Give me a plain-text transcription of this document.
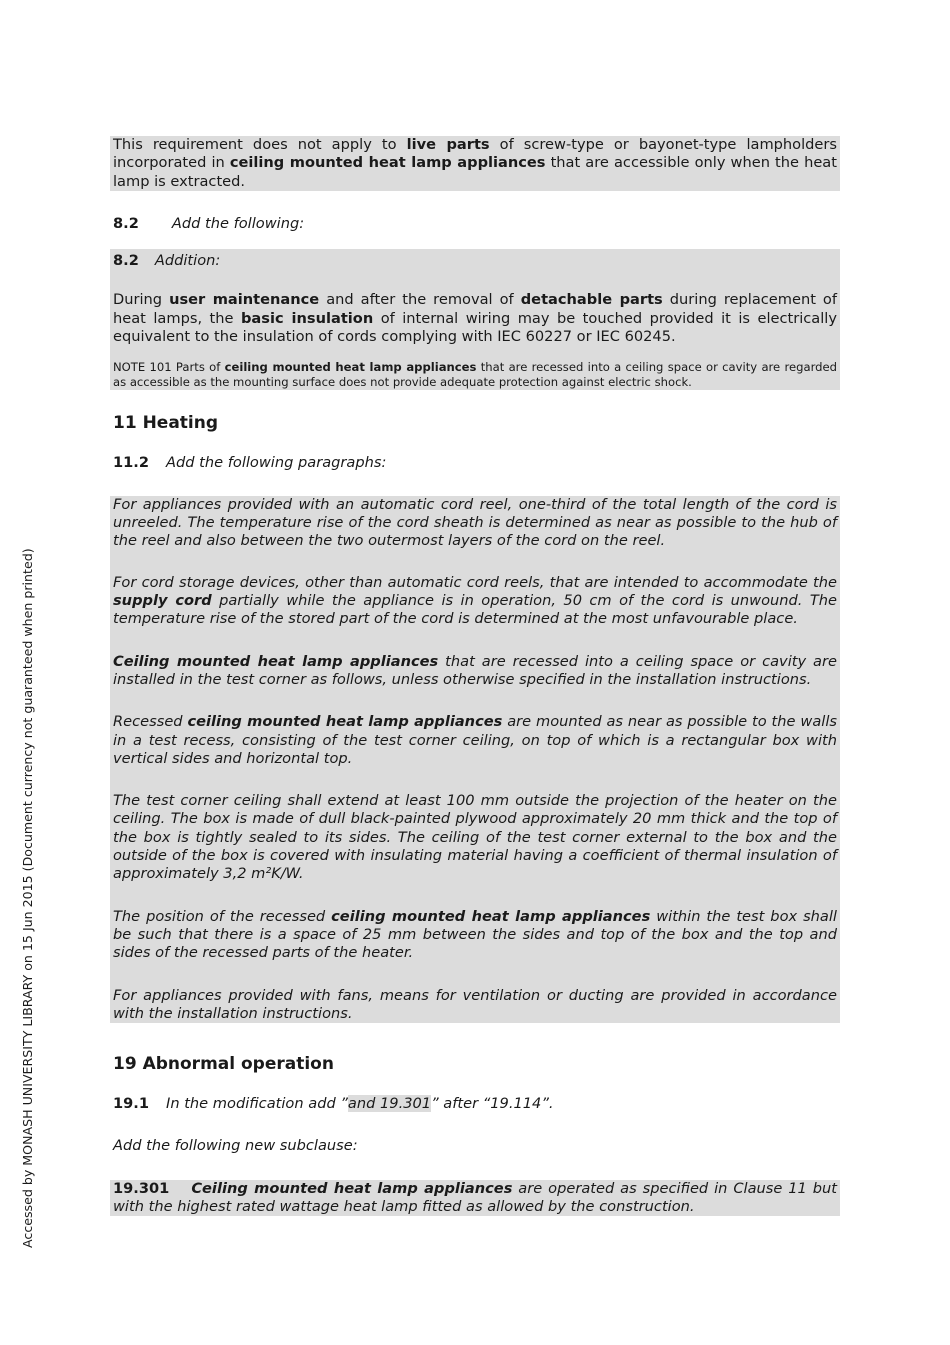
Accessed by MONASH UNIVERSITY LIBRARY on 15 Jun 2015 (Document currency not guaranteed when printed)
This requirement does not apply to live parts of screw-type or bayonet-type lampholders incorporated in ceiling mounted heat lamp appliances that are accessible only when the heat lamp is extracted.
8.2 Add the following:
8.2 Addition:
During user maintenance and after the removal of detachable parts during replacement of heat lamps, the basic insulation of internal wiring may be touched provided it is electrically equivalent to the insulation of cords complying with IEC 60227 or IEC 60245.
NOTE 101 Parts of ceiling mounted heat lamp appliances that are recessed into a ceiling space or cavity are regarded as accessible as the mounting surface does not provide adequate protection against electric shock.
11 Heating
11.2 Add the following paragraphs:
For appliances provided with an automatic cord reel, one-third of the total length of the cord is unreeled. The temperature rise of the cord sheath is determined as near as possible to the hub of the reel and also between the two outermost layers of the cord on the reel.
For cord storage devices, other than automatic cord reels, that are intended to accommodate the supply cord partially while the appliance is in operation, 50 cm of the cord is unwound. The temperature rise of the stored part of the cord is determined at the most unfavourable place.
Ceiling mounted heat lamp appliances that are recessed into a ceiling space or cavity are installed in the test corner as follows, unless otherwise specified in the installation instructions.
Recessed ceiling mounted heat lamp appliances are mounted as near as possible to the walls in a test recess, consisting of the test corner ceiling, on top of which is a rectangular box with vertical sides and horizontal top.
The test corner ceiling shall extend at least 100 mm outside the projection of the heater on the ceiling. The box is made of dull black-painted plywood approximately 20 mm thick and the top of the box is tightly sealed to its sides. The ceiling of the test corner external to the box and the outside of the box is covered with insulating material having a coefficient of thermal insulation of approximately 3,2 m²K/W.
The position of the recessed ceiling mounted heat lamp appliances within the test box shall be such that there is a space of 25 mm between the sides and top of the box and the top and sides of the recessed parts of the heater.
For appliances provided with fans, means for ventilation or ducting are provided in accordance with the installation instructions.
19 Abnormal operation
19.1 In the modification add ”and 19.301” after “19.114”.
Add the following new subclause:
19.301 Ceiling mounted heat lamp appliances are operated as specified in Clause 11 but with the highest rated wattage heat lamp fitted as allowed by the construction.
